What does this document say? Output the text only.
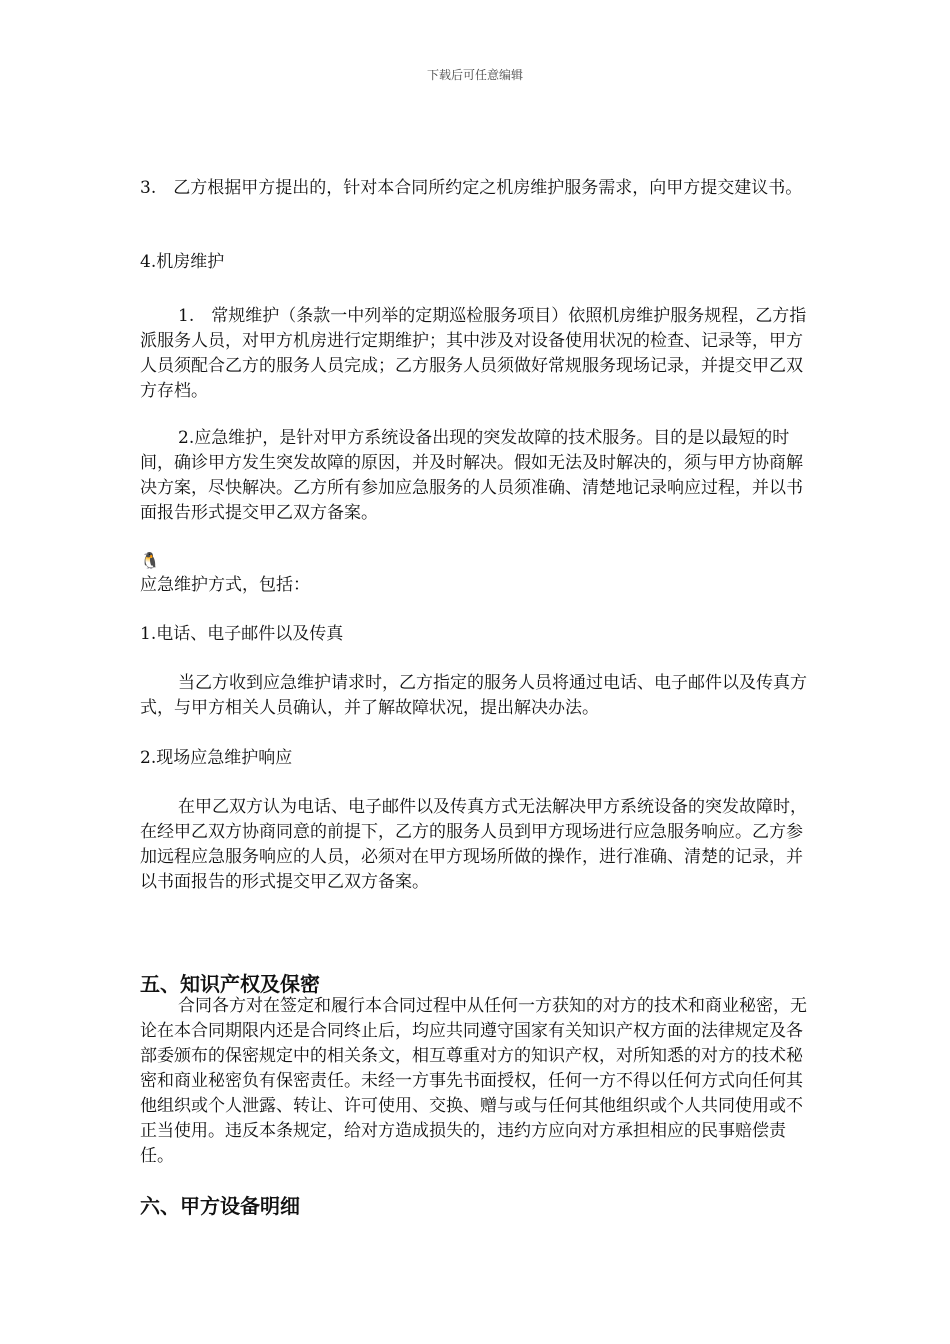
下载后可任意编辑

3.　乙方根据甲方提出的，针对本合同所约定之机房维护服务需求，向甲方提交建议书。

4.机房维护

1.　常规维护（条款一中列举的定期巡检服务项目）依照机房维护服务规程，乙方指派服务人员，对甲方机房进行定期维护；其中涉及对设备使用状况的检查、记录等，甲方人员须配合乙方的服务人员完成；乙方服务人员须做好常规服务现场记录，并提交甲乙双方存档。

2.应急维护，是针对甲方系统设备出现的突发故障的技术服务。目的是以最短的时间，确诊甲方发生突发故障的原因，并及时解决。假如无法及时解决的，须与甲方协商解决方案，尽快解决。乙方所有参加应急服务的人员须准确、清楚地记录响应过程，并以书面报告形式提交甲乙双方备案。

🐧

应急维护方式，包括：

1.电话、电子邮件以及传真

当乙方收到应急维护请求时，乙方指定的服务人员将通过电话、电子邮件以及传真方式，与甲方相关人员确认，并了解故障状况，提出解决办法。

2.现场应急维护响应

在甲乙双方认为电话、电子邮件以及传真方式无法解决甲方系统设备的突发故障时，在经甲乙双方协商同意的前提下，乙方的服务人员到甲方现场进行应急服务响应。乙方参加远程应急服务响应的人员，必须对在甲方现场所做的操作，进行准确、清楚的记录，并以书面报告的形式提交甲乙双方备案。

五、知识产权及保密

合同各方对在签定和履行本合同过程中从任何一方获知的对方的技术和商业秘密，无论在本合同期限内还是合同终止后，均应共同遵守国家有关知识产权方面的法律规定及各部委颁布的保密规定中的相关条文，相互尊重对方的知识产权，对所知悉的对方的技术秘密和商业秘密负有保密责任。未经一方事先书面授权，任何一方不得以任何方式向任何其他组织或个人泄露、转让、许可使用、交换、赠与或与任何其他组织或个人共同使用或不正当使用。违反本条规定，给对方造成损失的，违约方应向对方承担相应的民事赔偿责任。

六、甲方设备明细
